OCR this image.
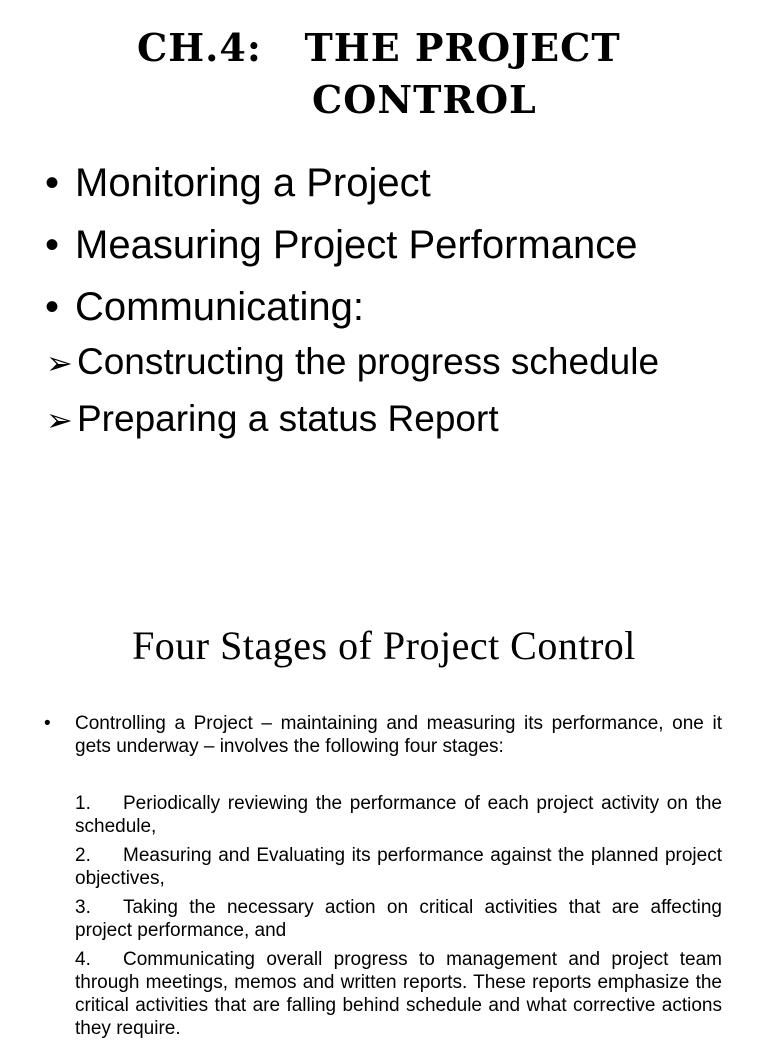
CH.4:   THE PROJECT
CONTROL
• Monitoring a Project
• Measuring Project Performance
• Communicating:
➢ Constructing the progress schedule
➢ Preparing a status Report
Four Stages of Project Control
• Controlling a Project – maintaining and measuring its performance, one it gets underway – involves the following four stages:
1. Periodically reviewing the performance of each project activity on the schedule,
2. Measuring and Evaluating its performance against the planned project objectives,
3. Taking the necessary action on critical activities that are affecting project performance, and
4. Communicating overall progress to management and project team through meetings, memos and written reports. These reports emphasize the critical activities that are falling behind schedule and what corrective actions they require.
